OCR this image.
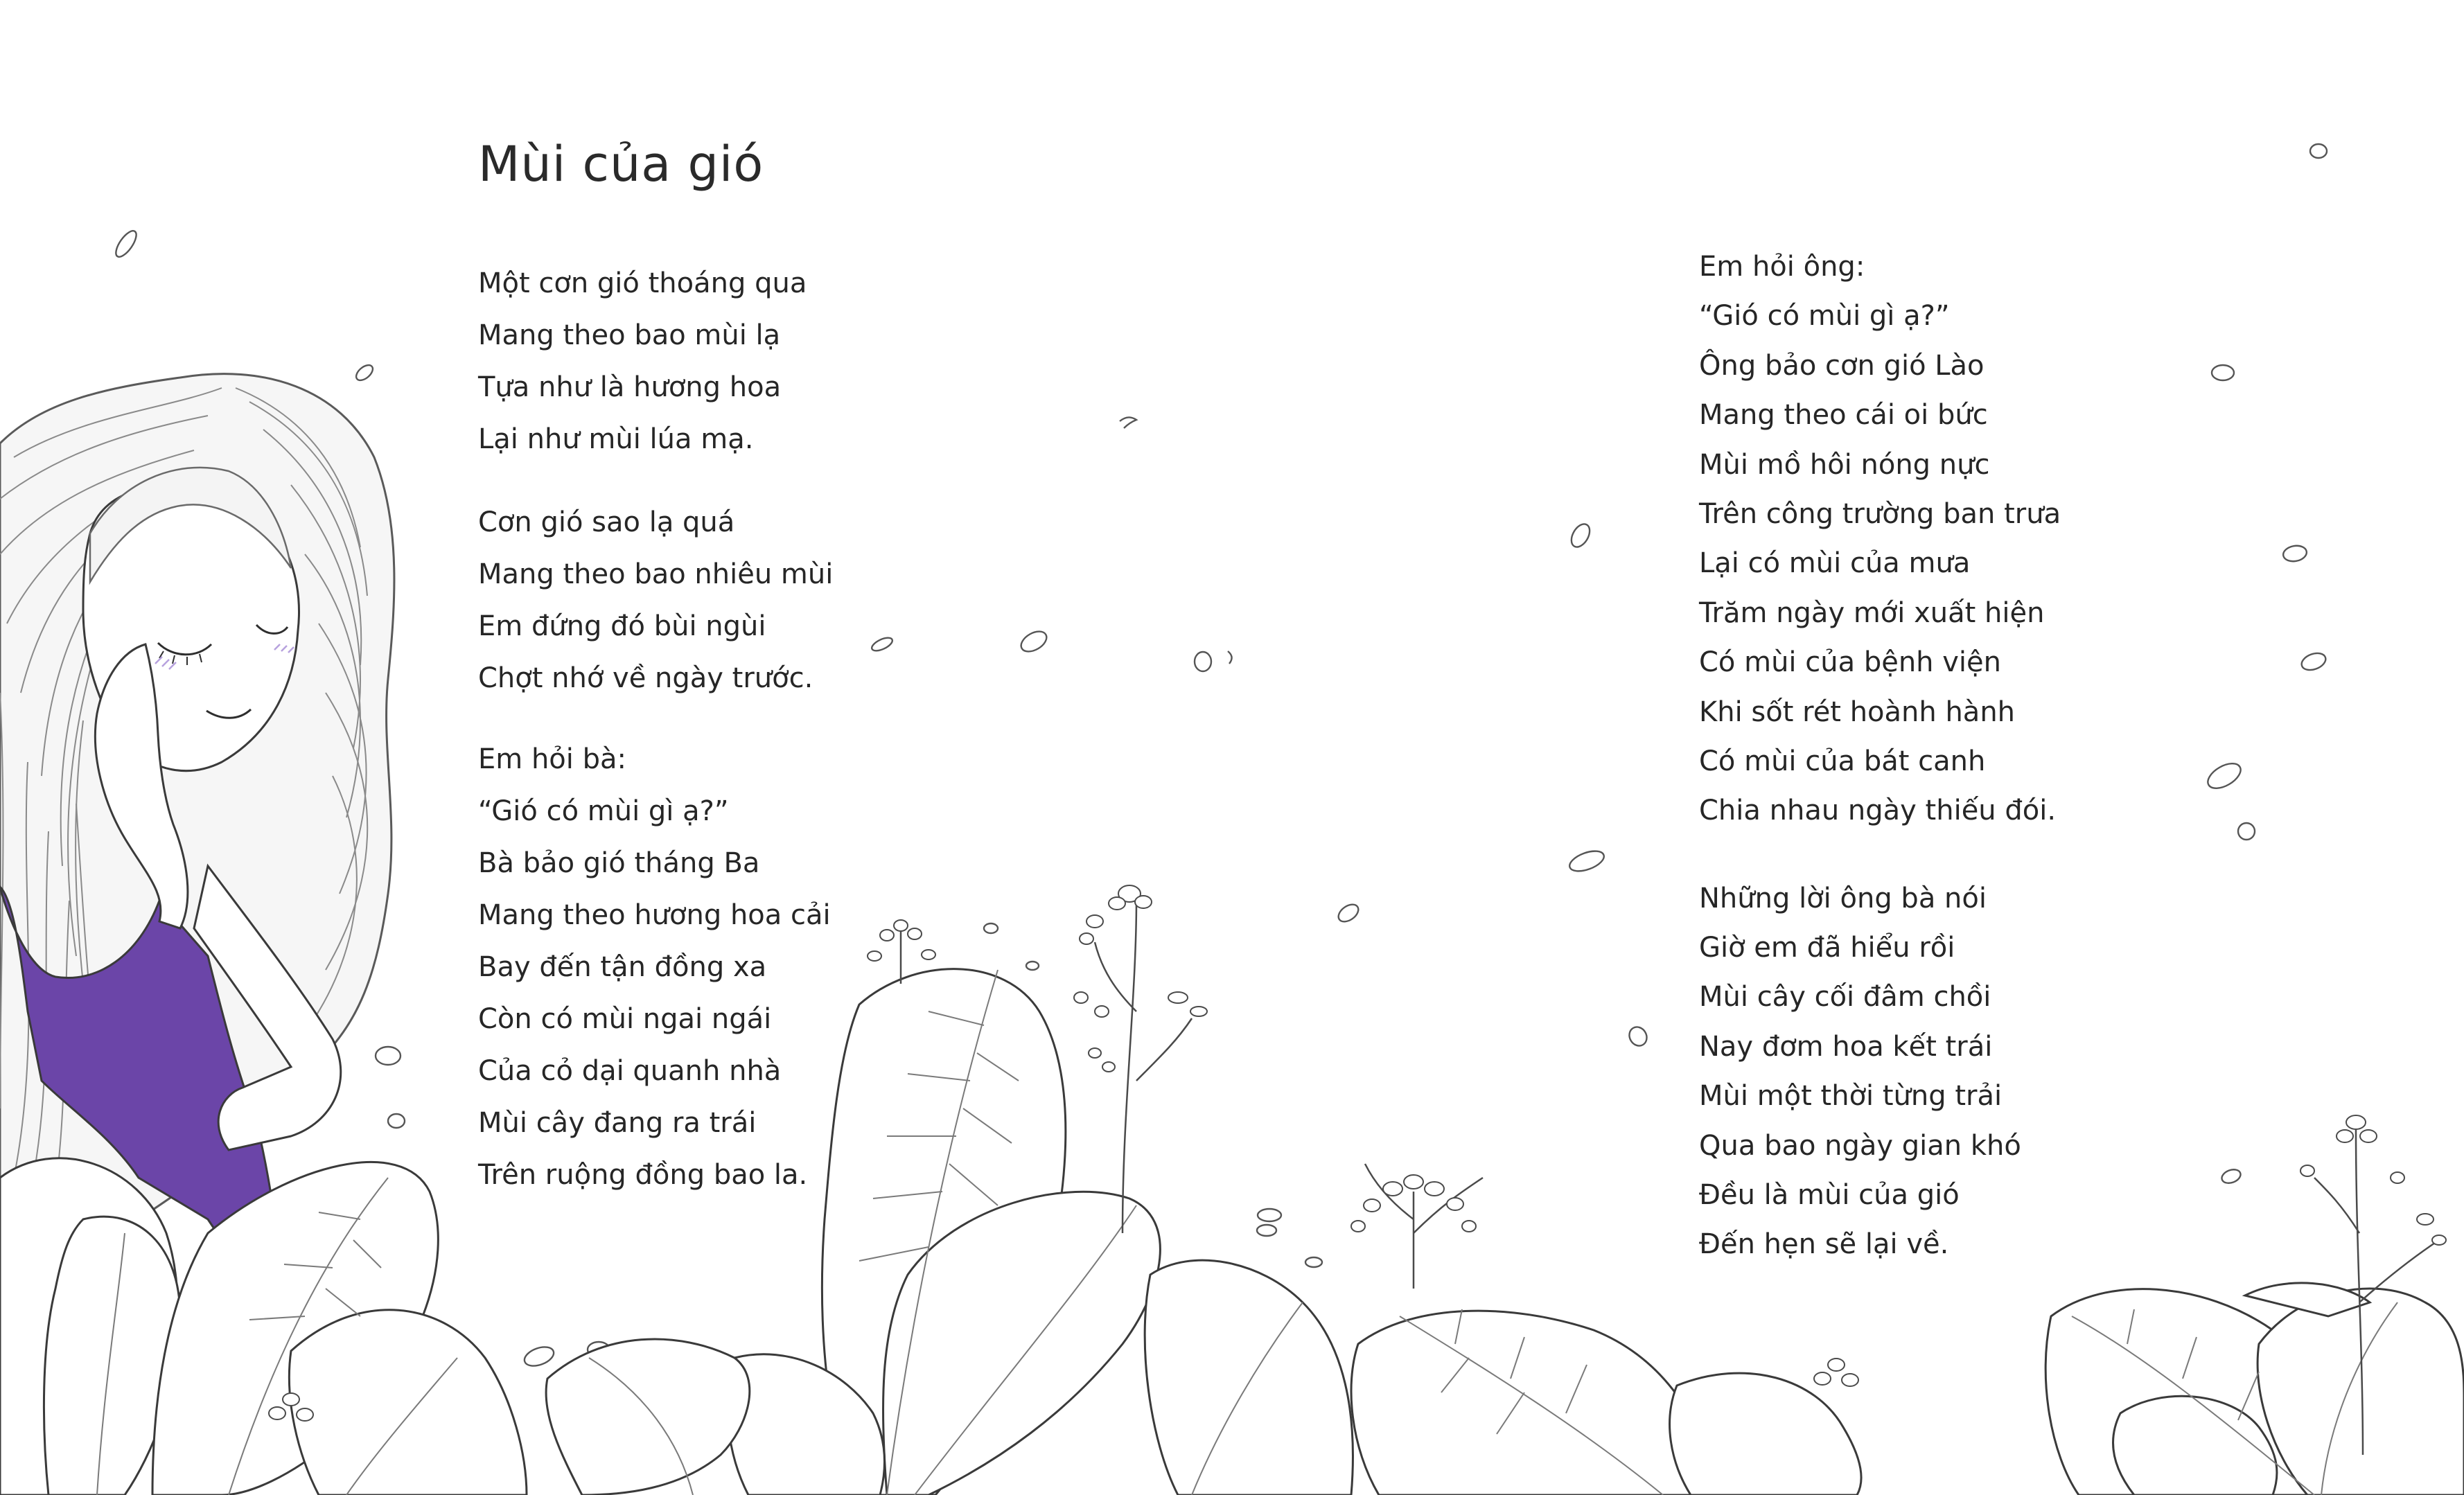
Mùi của gió
Một cơn gió thoáng qua
Mang theo bao mùi lạ
Tựa như là hương hoa
Lại như mùi lúa mạ.
Cơn gió sao lạ quá
Mang theo bao nhiêu mùi
Em đứng đó bùi ngùi
Chợt nhớ về ngày trước.
Em hỏi bà:
“Gió có mùi gì ạ?”
Bà bảo gió tháng Ba
Mang theo hương hoa cải
Bay đến tận đồng xa
Còn có mùi ngai ngái
Của cỏ dại quanh nhà
Mùi cây đang ra trái
Trên ruộng đồng bao la.
Em hỏi ông:
“Gió có mùi gì ạ?”
Ông bảo cơn gió Lào
Mang theo cái oi bức
Mùi mồ hôi nóng nực
Trên công trường ban trưa
Lại có mùi của mưa
Trăm ngày mới xuất hiện
Có mùi của bệnh viện
Khi sốt rét hoành hành
Có mùi của bát canh
Chia nhau ngày thiếu đói.
Những lời ông bà nói
Giờ em đã hiểu rồi
Mùi cây cối đâm chồi
Nay đơm hoa kết trái
Mùi một thời từng trải
Qua bao ngày gian khó
Đều là mùi của gió
Đến hẹn sẽ lại về.
